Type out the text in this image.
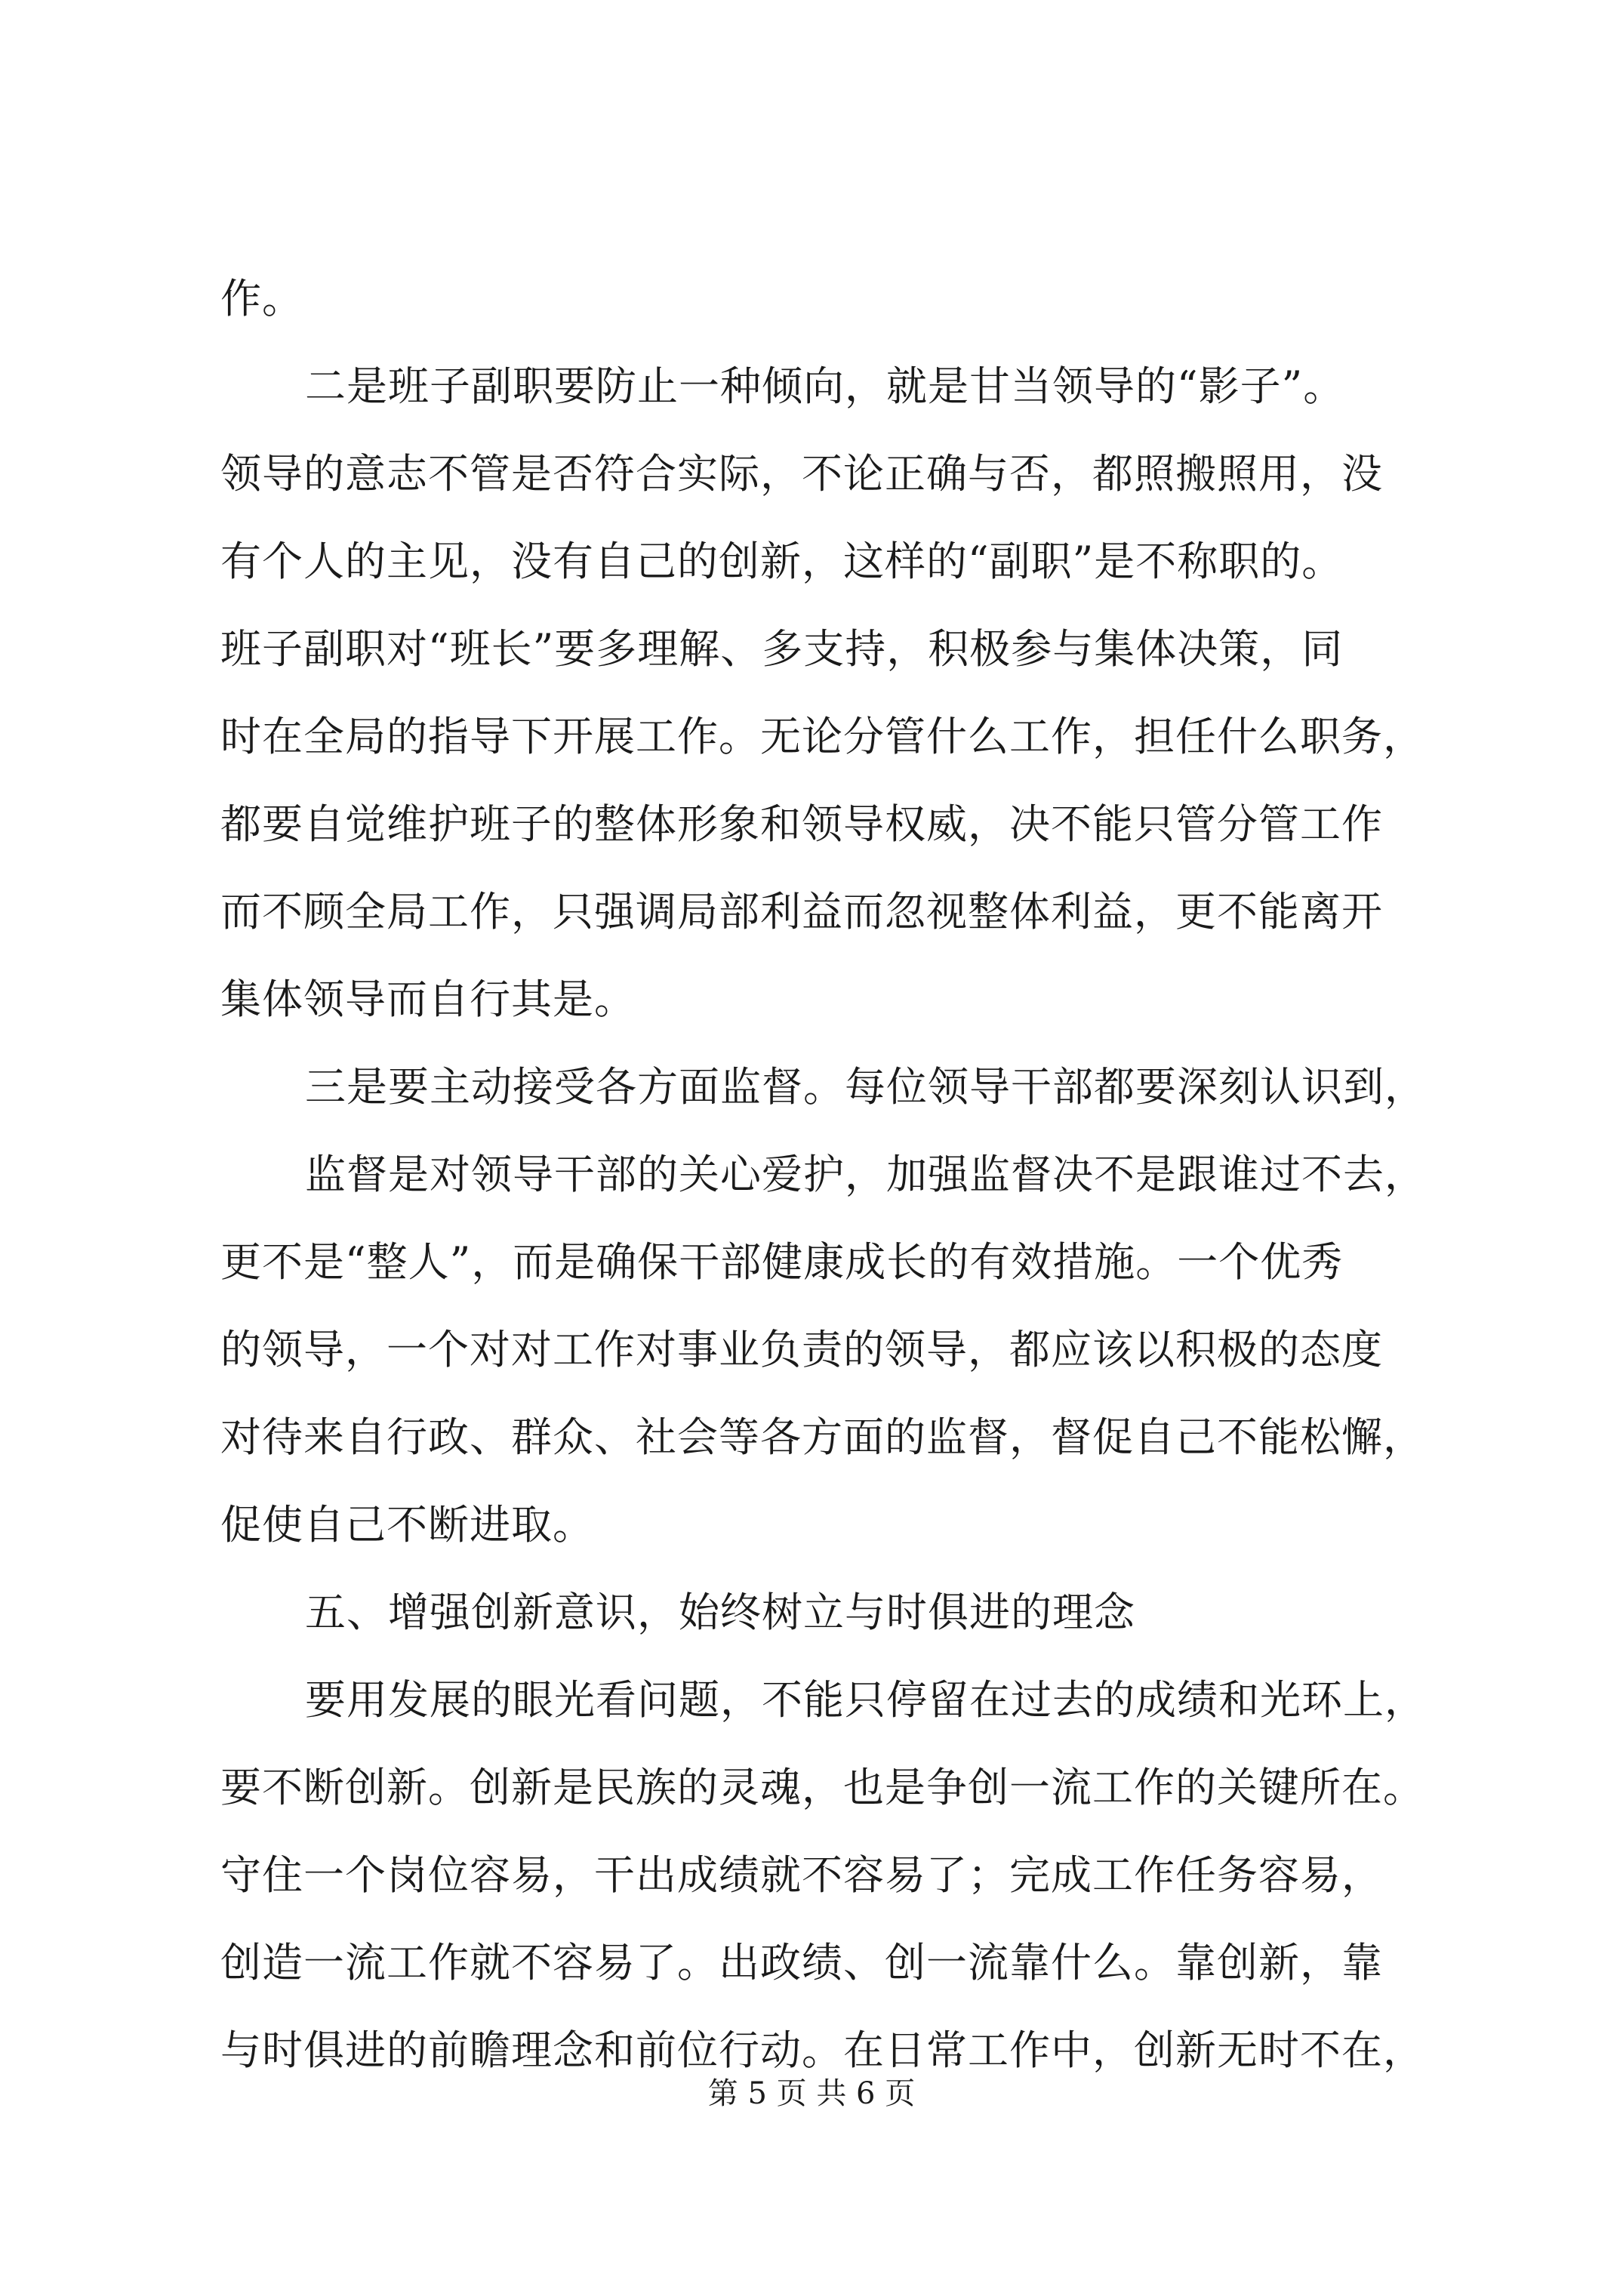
作。
二是班子副职要防止一种倾向，就是甘当领导的“影子”。
领导的意志不管是否符合实际，不论正确与否，都照搬照用，没
有个人的主见，没有自己的创新，这样的“副职”是不称职的。
班子副职对“班长”要多理解、多支持，积极参与集体决策，同
时在全局的指导下开展工作。无论分管什么工作，担任什么职务，
都要自觉维护班子的整体形象和领导权威，决不能只管分管工作
而不顾全局工作，只强调局部利益而忽视整体利益，更不能离开
集体领导而自行其是。
三是要主动接受各方面监督。每位领导干部都要深刻认识到，
监督是对领导干部的关心爱护，加强监督决不是跟谁过不去，
更不是“整人”，而是确保干部健康成长的有效措施。一个优秀
的领导，一个对对工作对事业负责的领导，都应该以积极的态度
对待来自行政、群众、社会等各方面的监督，督促自己不能松懈，
促使自己不断进取。
五、增强创新意识，始终树立与时俱进的理念
要用发展的眼光看问题，不能只停留在过去的成绩和光环上，
要不断创新。创新是民族的灵魂，也是争创一流工作的关键所在。
守住一个岗位容易，干出成绩就不容易了；完成工作任务容易，
创造一流工作就不容易了。出政绩、创一流靠什么。靠创新，靠
与时俱进的前瞻理念和前位行动。在日常工作中，创新无时不在，
第 5 页 共 6 页
